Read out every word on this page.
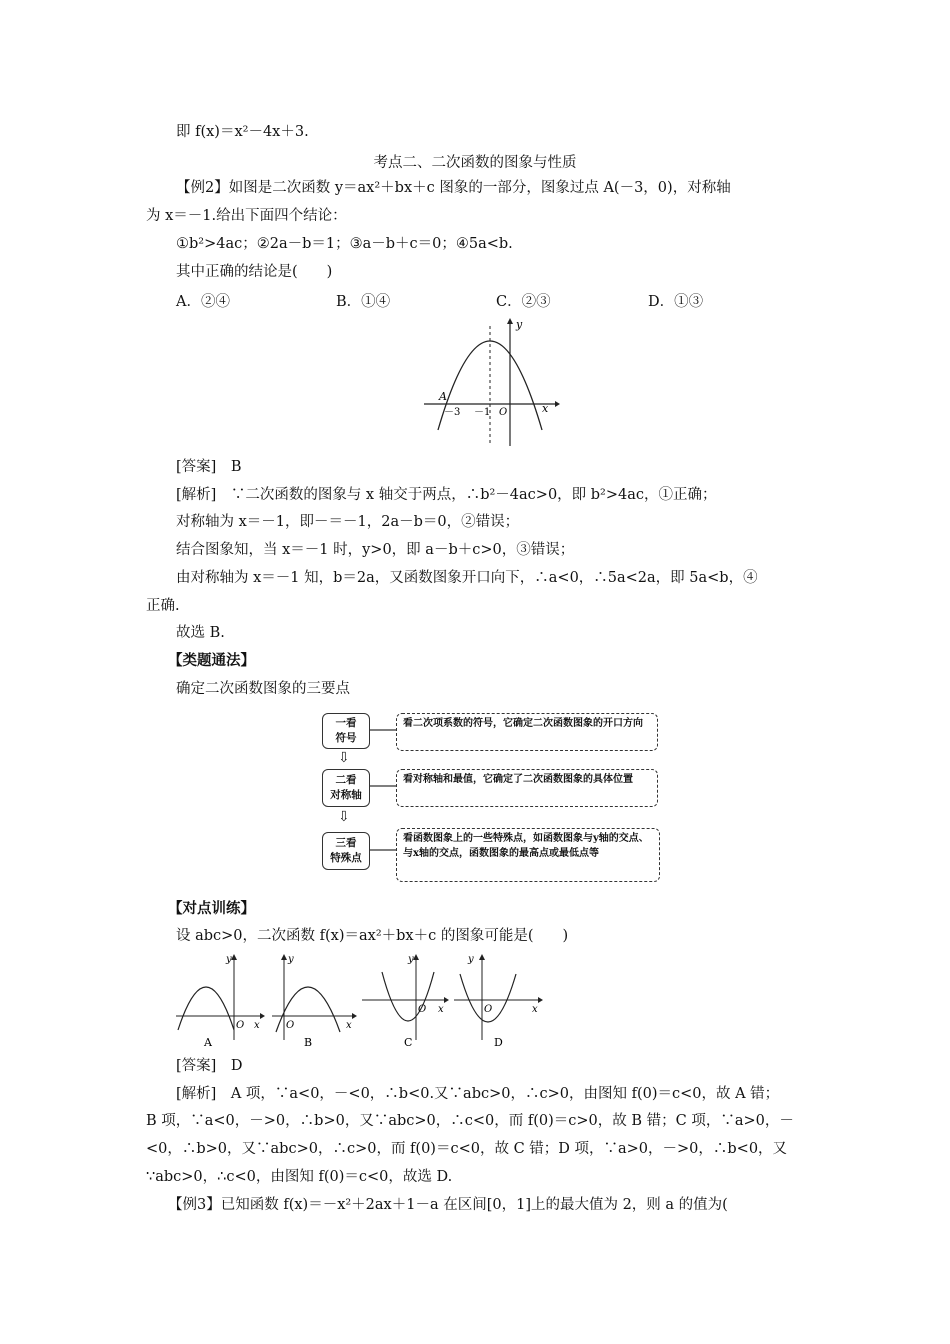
即 f(x)＝x²－4x＋3.
考点二、二次函数的图象与性质
【例2】如图是二次函数 y＝ax²＋bx＋c 图象的一部分，图象过点 A(－3，0)，对称轴
为 x＝－1.给出下面四个结论：
①b²>4ac；②2a－b＝1；③a－b＋c＝0；④5a<b.
其中正确的结论是(　　)
A．②④	B．①④	C．②③	D．①③
y
x
A
－3 －1 O
[答案]　B
[解析]　∵二次函数的图象与 x 轴交于两点，∴b²－4ac>0，即 b²>4ac，①正确；
对称轴为 x＝－1，即－＝－1，2a－b＝0，②错误；
结合图象知，当 x＝－1 时，y>0，即 a－b＋c>0，③错误；
由对称轴为 x＝－1 知，b＝2a，又函数图象开口向下，∴a<0，∴5a<2a，即 5a<b，④
正确.
故选 B.
【类题通法】
确定二次函数图象的三要点
一看
符号
看二次项系数的符号，它确定二次函数图象的开口方向
⇩
二看
对称轴
看对称轴和最值，它确定了二次函数图象的具体位置
⇩
三看
特殊点
看函数图象上的一些特殊点，如函数图象与y轴的交点、与x轴的交点，函数图象的最高点或最低点等
【对点训练】
设 abc>0，二次函数 f(x)＝ax²＋bx＋c 的图象可能是(　　)
y
x
O
A
y
x
O
B
y
x
O
C
y
x
O
D
[答案]　D
[解析]　A 项，∵a<0，－<0，∴b<0.又∵abc>0，∴c>0，由图知 f(0)＝c<0，故 A 错；
B 项，∵a<0，－>0，∴b>0，又∵abc>0，∴c<0，而 f(0)＝c>0，故 B 错；C 项，∵a>0，－
<0，∴b>0，又∵abc>0，∴c>0，而 f(0)＝c<0，故 C 错；D 项，∵a>0，－>0，∴b<0，又
∵abc>0，∴c<0，由图知 f(0)＝c<0，故选 D.
【例3】已知函数 f(x)＝－x²＋2ax＋1－a 在区间[0，1]上的最大值为 2，则 a 的值为(
